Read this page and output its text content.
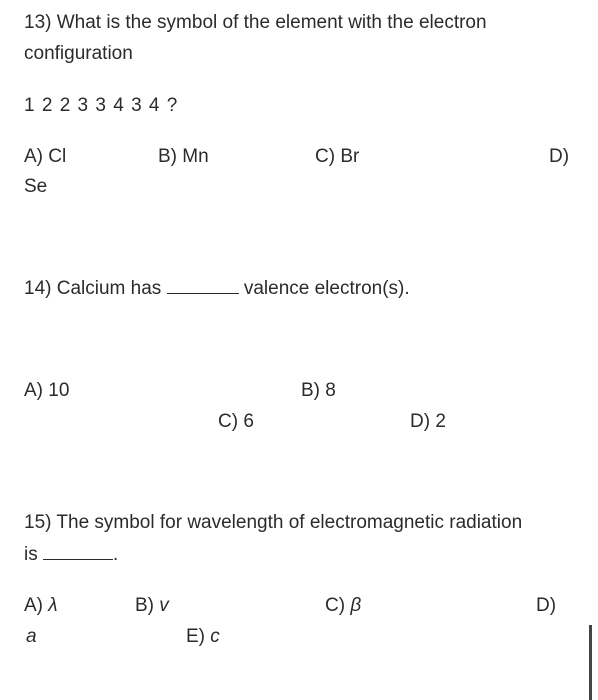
13) What is the symbol of the element with the electron
configuration
1 2 2 3 3 4 3 4 ?
A) Cl	B) Mn	C) Br	D)
Se
14) Calcium has	valence electron(s).
A) 10	B) 8
C) 6	D) 2
15) The symbol for wavelength of electromagnetic radiation
is	.
A) λ	B) v	C) β	D)
a	E) c
